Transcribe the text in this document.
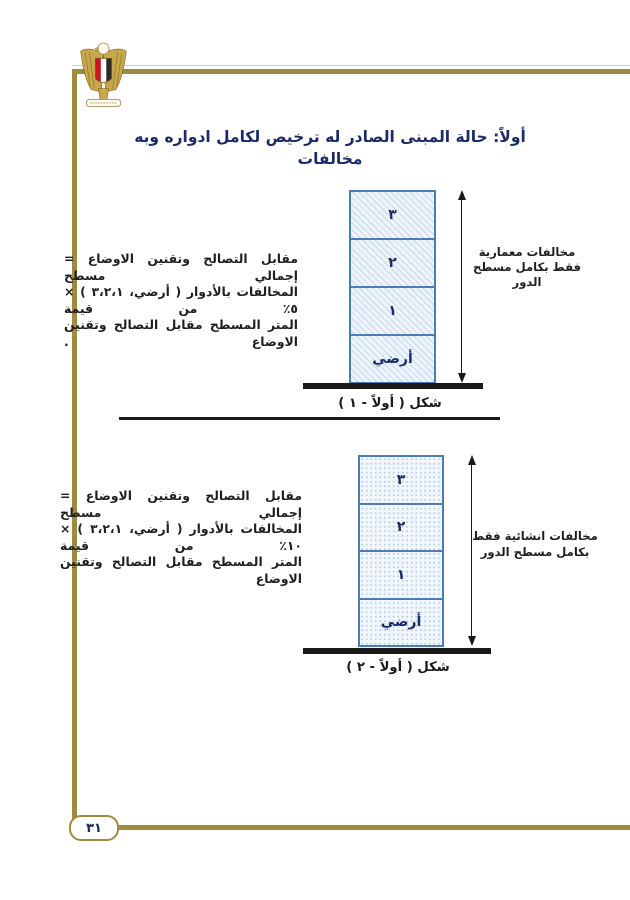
٣١
أولاً: حالة المبنى الصادر له ترخيص لكامل ادواره وبه مخالفات
مقابل التصالح وتقنين الاوضاع = إجمالي مسطح
المخالفات بالأدوار ( أرضي، ٣،٢،١ ) × ٥٪ من قيمة
المتر المسطح مقابل التصالح وتقنين الاوضاع .
٣
٢
١
أرضي
مخالفات معمارية
فقط بكامل مسطح
الدور
شكل ( أولاً - ١ )
مقابل التصالح وتقنين الاوضاع = إجمالي مسطح
المخالفات بالأدوار ( أرضي، ٣،٢،١ ) × ١٠٪ من قيمة
المتر المسطح مقابل التصالح وتقنين الاوضاع
٣
٢
١
أرضي
مخالفات انشائية فقط
بكامل مسطح الدور
شكل ( أولاً - ٢ )
